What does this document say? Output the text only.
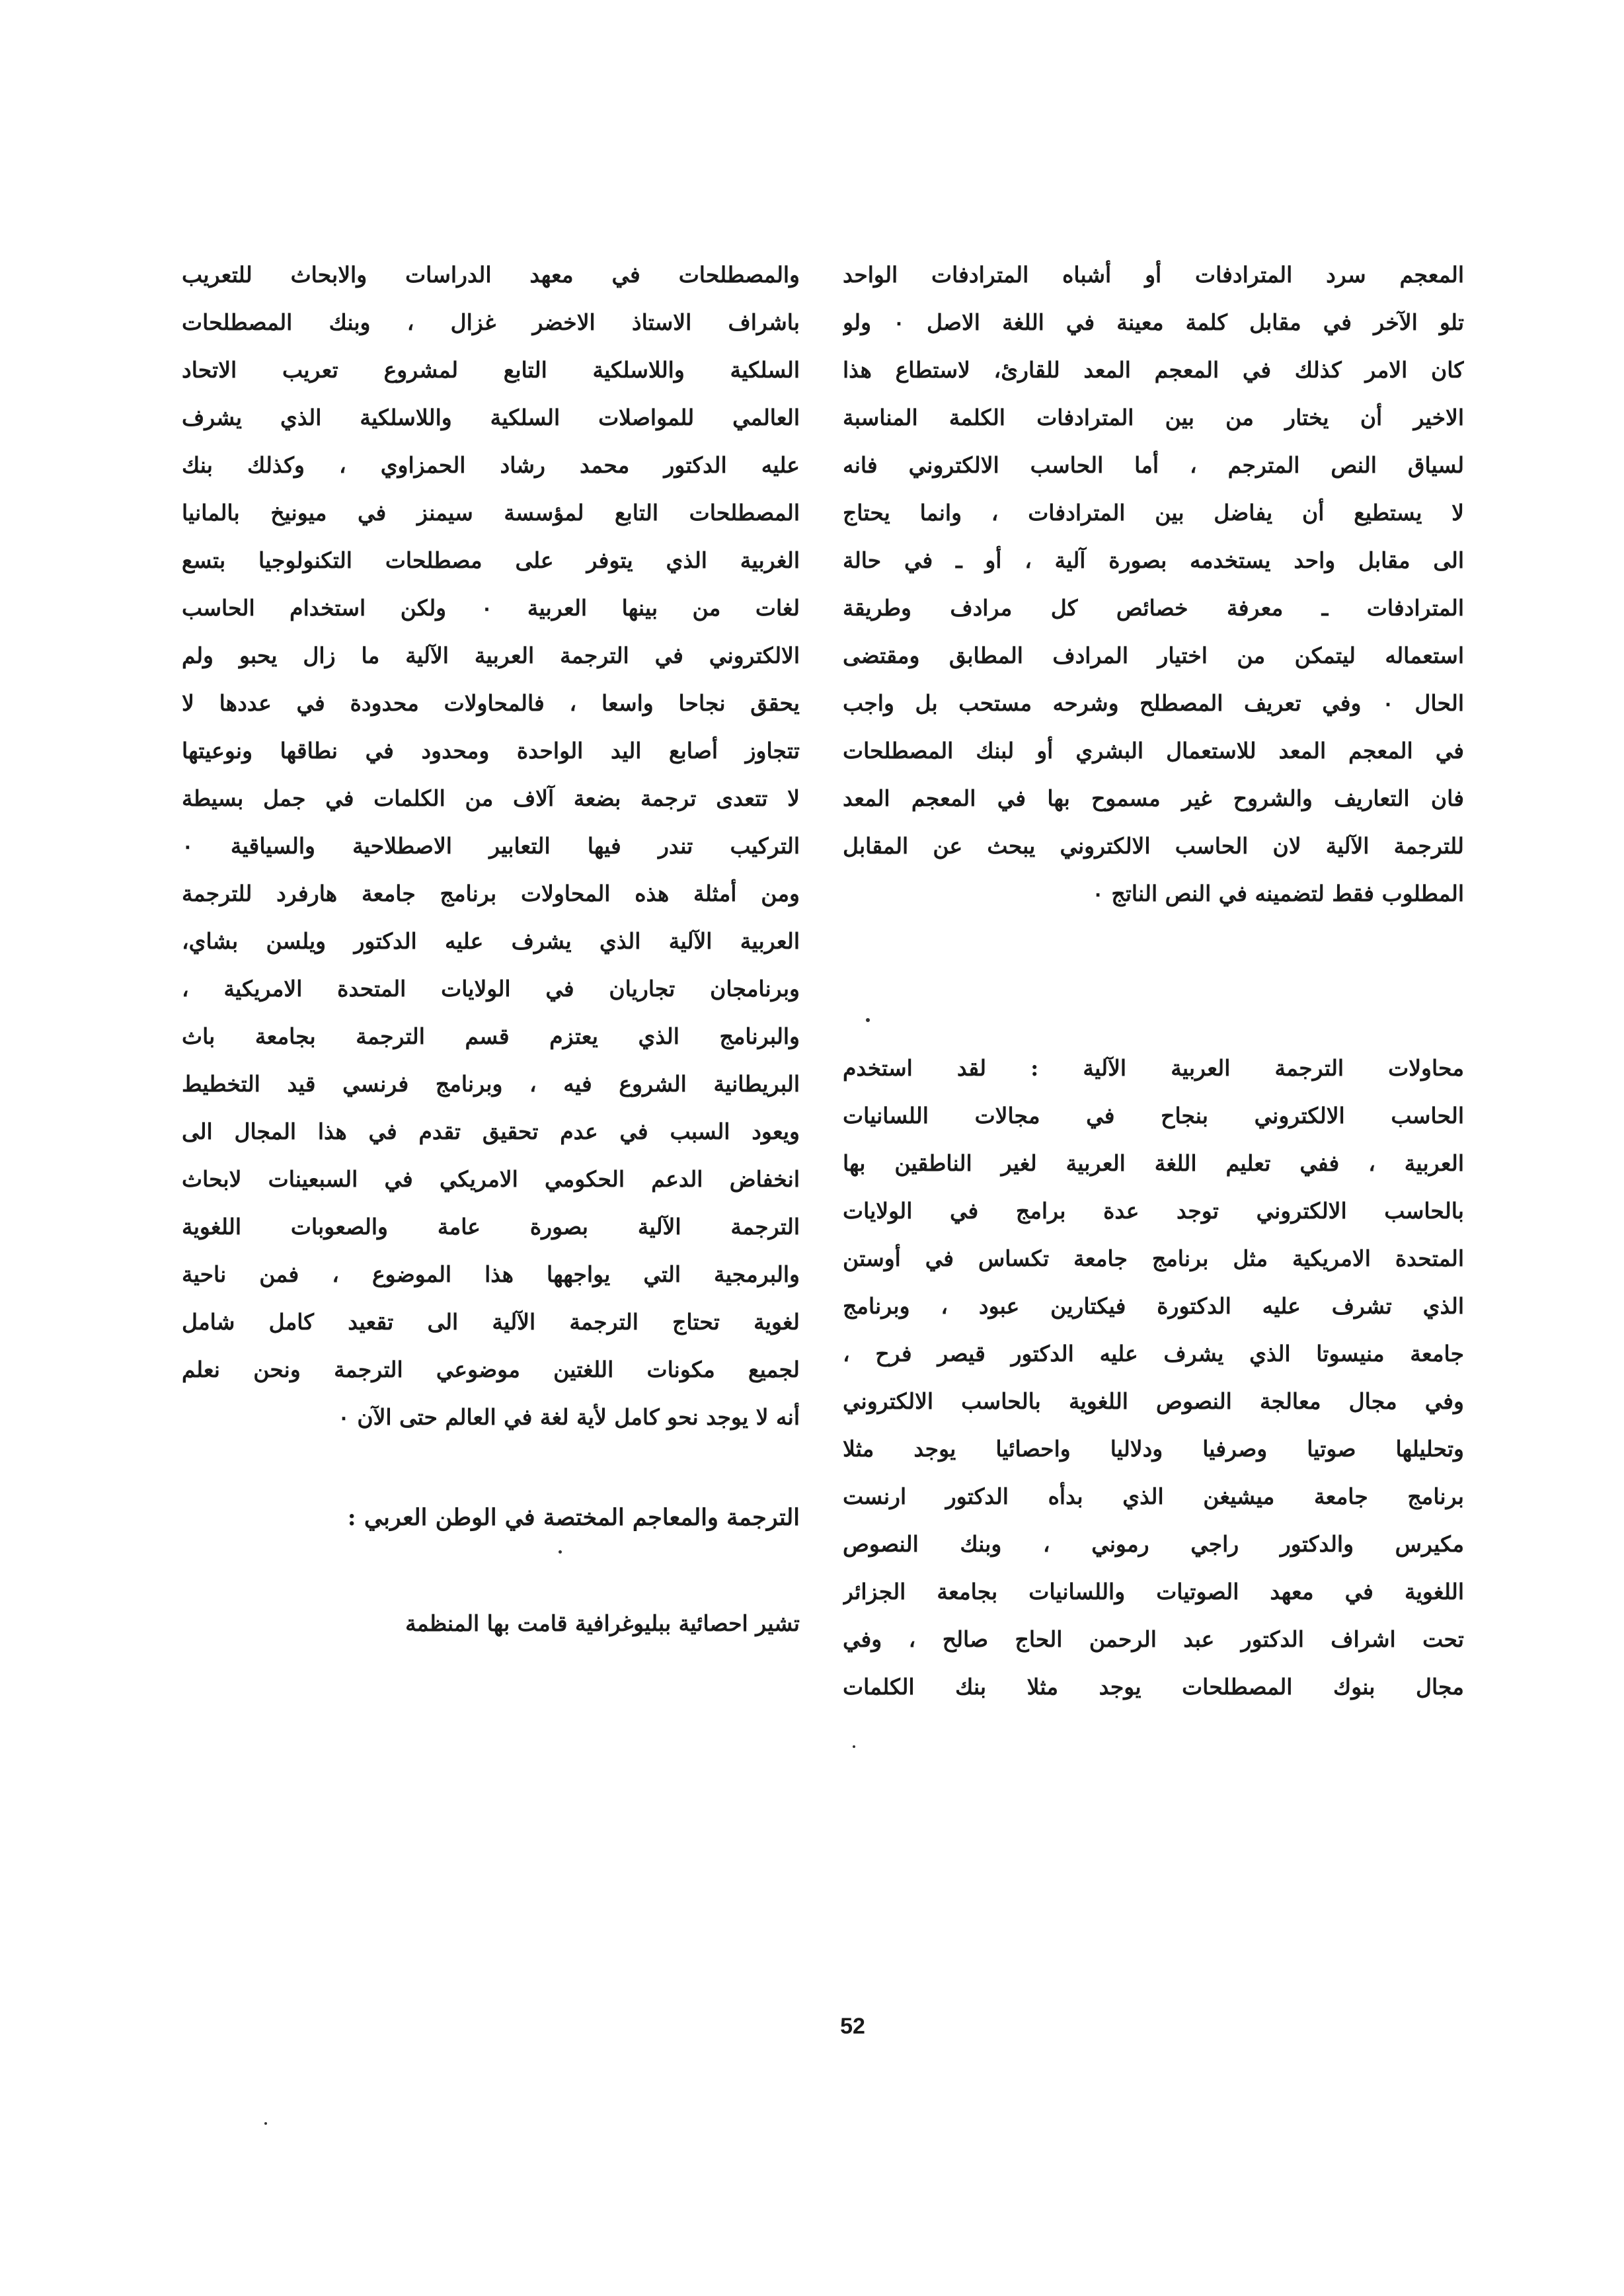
المعجم سرد المترادفات أو أشباه المترادفات الواحد
تلو الآخر في مقابل كلمة معينة في اللغة الاصل ٠ ولو
كان الامر كذلك في المعجم المعد للقارئ، لاستطاع هذا
الاخير أن يختار من بين المترادفات الكلمة المناسبة
لسياق النص المترجم ، أما الحاسب الالكتروني فانه
لا يستطيع أن يفاضل بين المترادفات ، وانما يحتاج
الى مقابل واحد يستخدمه بصورة آلية ، أو ـ في حالة
المترادفات ـ معرفة خصائص كل مرادف وطريقة
استعماله ليتمكن من اختيار المرادف المطابق ومقتضى
الحال ٠ وفي تعريف المصطلح وشرحه مستحب بل واجب
في المعجم المعد للاستعمال البشري أو لبنك المصطلحات
فان التعاريف والشروح غير مسموح بها في المعجم المعد
للترجمة الآلية لان الحاسب الالكتروني يبحث عن المقابل
المطلوب فقط لتضمينه في النص الناتج ٠
محاولات الترجمة العربية الآلية : لقد استخدم
الحاسب الالكتروني بنجاح في مجالات اللسانيات
العربية ، ففي تعليم اللغة العربية لغير الناطقين بها
بالحاسب الالكتروني توجد عدة برامج في الولايات
المتحدة الامريكية مثل برنامج جامعة تكساس في أوستن
الذي تشرف عليه الدكتورة فيكتارين عبود ، وبرنامج
جامعة منيسوتا الذي يشرف عليه الدكتور قيصر فرح ،
وفي مجال معالجة النصوص اللغوية بالحاسب الالكتروني
وتحليلها صوتيا وصرفيا ودلاليا واحصائيا يوجد مثلا
برنامج جامعة ميشيغن الذي بدأه الدكتور ارنست
مكيرس والدكتور راجي رموني ، وبنك النصوص
اللغوية في معهد الصوتيات واللسانيات بجامعة الجزائر
تحت اشراف الدكتور عبد الرحمن الحاج صالح ، وفي
مجال بنوك المصطلحات يوجد مثلا بنك الكلمات
والمصطلحات في معهد الدراسات والابحاث للتعريب
باشراف الاستاذ الاخضر غزال ، وبنك المصطلحات
السلكية واللاسلكية التابع لمشروع تعريب الاتحاد
العالمي للمواصلات السلكية واللاسلكية الذي يشرف
عليه الدكتور محمد رشاد الحمزاوي ، وكذلك بنك
المصطلحات التابع لمؤسسة سيمنز في ميونيخ بالمانيا
الغربية الذي يتوفر على مصطلحات التكنولوجيا بتسع
لغات من بينها العربية ٠ ولكن استخدام الحاسب
الالكتروني في الترجمة العربية الآلية ما زال يحبو ولم
يحقق نجاحا واسعا ، فالمحاولات محدودة في عددها لا
تتجاوز أصابع اليد الواحدة ومحدود في نطاقها ونوعيتها
لا تتعدى ترجمة بضعة آلاف من الكلمات في جمل بسيطة
التركيب تندر فيها التعابير الاصطلاحية والسياقية ٠
ومن أمثلة هذه المحاولات برنامج جامعة هارفرد للترجمة
العربية الآلية الذي يشرف عليه الدكتور ويلسن بشاي،
وبرنامجان تجاريان في الولايات المتحدة الامريكية ،
والبرنامج الذي يعتزم قسم الترجمة بجامعة باث
البريطانية الشروع فيه ، وبرنامج فرنسي قيد التخطيط
ويعود السبب في عدم تحقيق تقدم في هذا المجال الى
انخفاض الدعم الحكومي الامريكي في السبعينات لابحاث
الترجمة الآلية بصورة عامة والصعوبات اللغوية
والبرمجية التي يواجهها هذا الموضوع ، فمن ناحية
لغوية تحتاج الترجمة الآلية الى تقعيد كامل شامل
لجميع مكونات اللغتين موضوعي الترجمة ونحن نعلم
أنه لا يوجد نحو كامل لأية لغة في العالم حتى الآن ٠
الترجمة والمعاجم المختصة في الوطن العربي :
تشير احصائية ببليوغرافية قامت بها المنظمة
52
